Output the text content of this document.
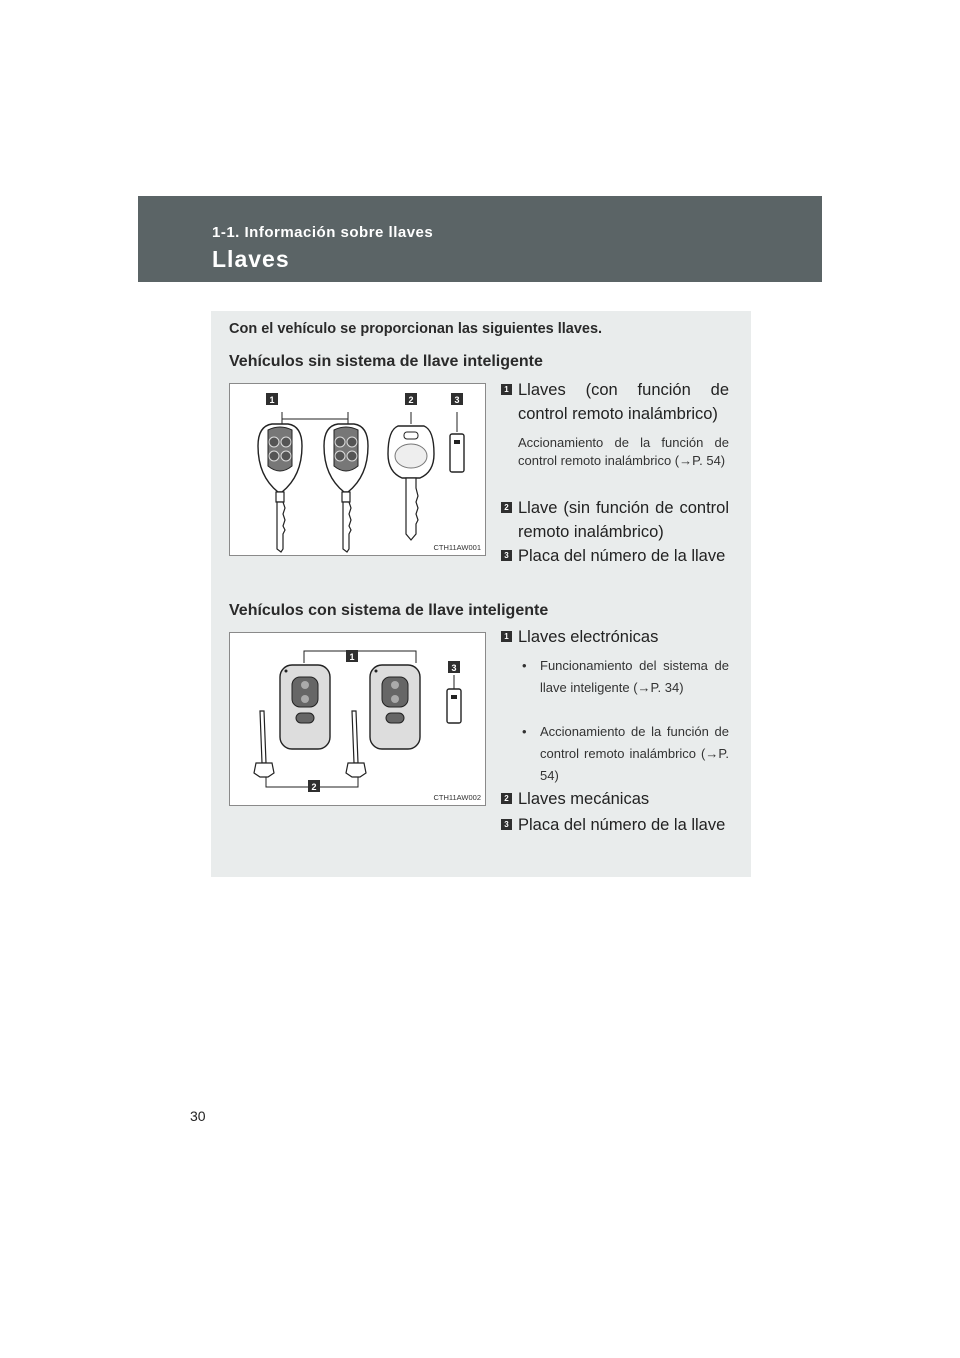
1-1. Información sobre llaves
Llaves
Con el vehículo se proporcionan las siguientes llaves.
Vehículos sin sistema de llave inteligente
1	2	3
CTH11AW001
1 Llaves (con función de control remoto inalámbrico)
Accionamiento de la función de control remoto inalámbrico (→P. 54)
2 Llave (sin función de control remoto inalámbrico)
3 Placa del número de la llave
Vehículos con sistema de llave inteligente
1
3
2
CTH11AW002
1 Llaves electrónicas
• Funcionamiento del sistema de llave inteligente (→P. 34)
• Accionamiento de la función de control remoto inalámbrico (→P. 54)
2 Llaves mecánicas
3 Placa del número de la llave
30
